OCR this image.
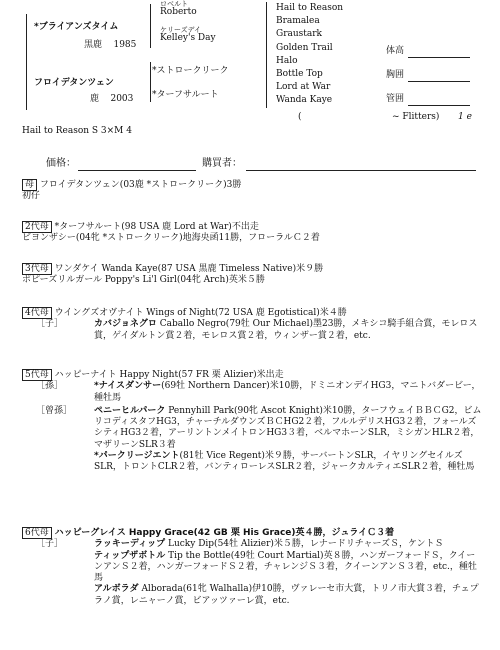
*ブライアンズタイム
黒鹿 1985
フロイデタンツェン
鹿 2003
ロベルト
Roberto
ケリーズデイ
Kelley's Day
*ストロークリーク
*ターフサルート
Hail to Reason
Bramalea
Graustark
Golden Trail
Halo
Bottle Top
Lord at War
Wanda Kaye
体高
胸囲
管囲
(	~ Flitters) 1 e
Hail to Reason S 3×M 4
価格：	購買者：
母 フロイデタンツェン(03鹿 *ストロークリーク)3勝
初仔
2代母 *ターフサルート(98 USA 鹿 Lord at War)不出走
ビヨンザシー(04牝 *ストロークリーク)地海央函11勝，フローラルＣ２着
3代母 ワンダケイ Wanda Kaye(87 USA 黒鹿 Timeless Native)米９勝
ポピーズリルガール Poppy's Li'l Girl(04牝 Arch)英米５勝
4代母 ウイングズオヴナイト Wings of Night(72 USA 鹿 Egotistical)米４勝
［子］	カバジョネグロ Caballo Negro(79牡 Our Michael)墨23勝，メキシコ騎手組合賞，モレロス賞，ゲイダルトン賞２着，モレロス賞２着，ウィンザー賞２着，etc.
5代母 ハッピーナイト Happy Night(57 FR 栗 Alizier)米出走
［孫］	*ナイスダンサー(69牡 Northern Dancer)米10勝，ドミニオンデイHG3，マニトバダービー，種牡馬
［曾孫］ ペニーヒルパーク Pennyhill Park(90牝 Ascot Knight)米10勝，ターフウェイＢＢＣG2，ビムリコディスタフHG3，チャーチルダウンズＢＣHG2２着，フルルデリスHG3２着，フォールズシティHG3２着，アーリントンメイトロンHG3３着，ベルマホーンSLR，ミシガンHLR２着，マザリーンSLR３着
*パークリージエント(81牡 Vice Regent)米９勝，サーバートンSLR，イヤリングセイルズSLR，トロントCLR２着，バンティローレスSLR２着，ジャークカルティエSLR２着，種牡馬
6代母 ハッピーグレイス Happy Grace(42 GB 栗 His Grace)英４勝，ジュライＣ３着
［子］	ラッキーディップ Lucky Dip(54牡 Alizier)米５勝，レナードリチャーズＳ，ケントＳ
ティップザボトル Tip the Bottle(49牡 Court Martial)英８勝，ハンガーフォードＳ，クイーンアンＳ２着，ハンガーフォードＳ２着，チャレンジＳ３着，クイーンアンＳ３着，etc.，種牡馬
アルボラダ Alborada(61牝 Walhalla)伊10勝，ヴァレーセ市大賞，トリノ市大賞３着，チェプラノ賞，レニャーノ賞，ビアッツァーレ賞，etc.
